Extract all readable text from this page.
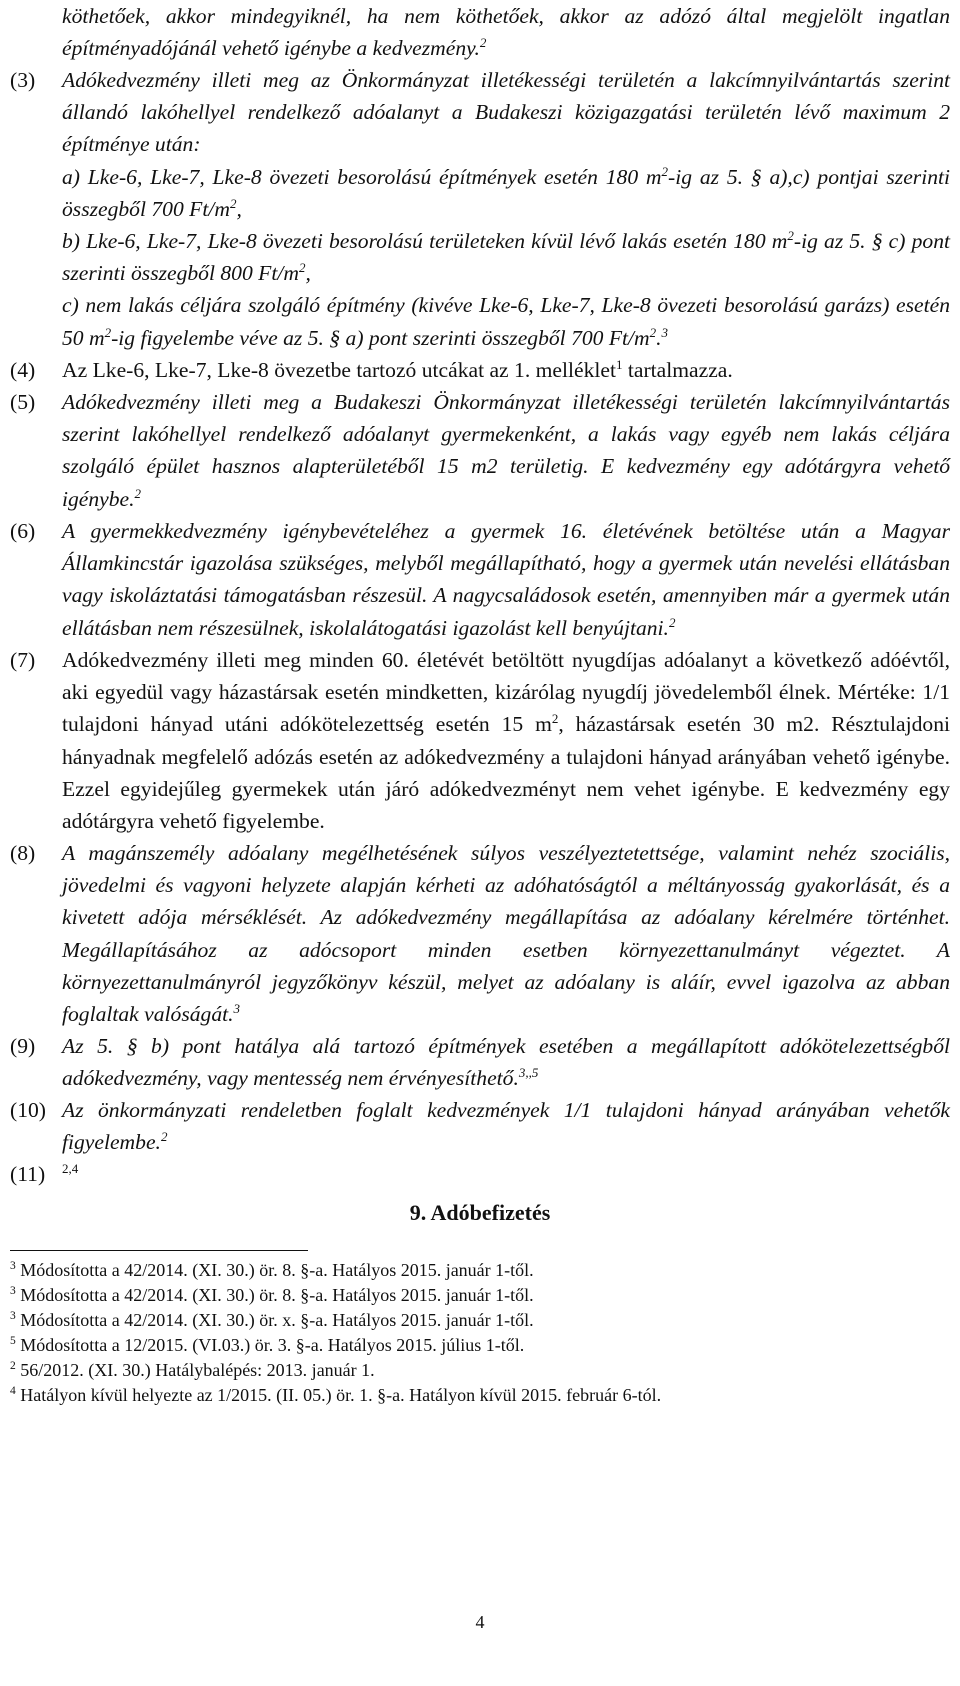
köthetőek, akkor mindegyiknél, ha nem köthetőek, akkor az adózó által megjelölt ingatlan építményadójánál vehető igénybe a kedvezmény.$^2$
(3)	Adókedvezmény illeti meg az Önkormányzat illetékességi területén a lakcímnyilvántartás szerint állandó lakóhellyel rendelkező adóalanyt a Budakeszi közigazgatási területén lévő maximum 2 építménye után:
a) Lke-6, Lke-7, Lke-8 övezeti besorolású építmények esetén 180 $m^2-ig$ az 5. § a),c) pontjai szerinti összegből 700 $Ft/m^2$,
b) Lke-6, Lke-7, Lke-8 övezeti besorolású területeken kívül lévő lakás esetén 180 $m^2-ig$ az 5. § c) pont szerinti összegből 800 $Ft/m^2$,
c) nem lakás céljára szolgáló építmény (kivéve Lke-6, Lke-7, Lke-8 övezeti besorolású garázs) esetén 50 $m^2-ig$ figyelembe véve az 5. § a) pont szerinti összegből 700 $Ft/m^2.^3$
(4)	Az Lke-6, Lke-7, Lke-8 övezetbe tartozó utcákat az 1. melléklet$^1$ tartalmazza.
(5)	Adókedvezmény illeti meg a Budakeszi Önkormányzat illetékességi területén lakcímnyilvántartás szerint lakóhellyel rendelkező adóalanyt gyermekenként, a lakás vagy egyéb nem lakás céljára szolgáló épület hasznos alapterületéből 15 m2 területig. E kedvezmény egy adótárgyra vehető igénybe.$^2$
(6)	A gyermekkedvezmény igénybevételéhez a gyermek 16. életévének betöltése után a Magyar Államkincstár igazolása szükséges, melyből megállapítható, hogy a gyermek után nevelési ellátásban vagy iskoláztatási támogatásban részesül. A nagycsaládosok esetén, amennyiben már a gyermek után ellátásban nem részesülnek, iskolalátogatási igazolást kell benyújtani.$^2$
(7)	Adókedvezmény illeti meg minden 60. életévét betöltött nyugdíjas adóalanyt a következő adóévtől, aki egyedül vagy házastársak esetén mindketten, kizárólag nyugdíj jövedelemből élnek. Mértéke: 1/1 tulajdoni hányad utáni adókötelezettség esetén 15 $m^2$, házastársak esetén 30 m2. Résztulajdoni hányadnak megfelelő adózás esetén az adókedvezmény a tulajdoni hányad arányában vehető igénybe. Ezzel egyidejűleg gyermekek után járó adókedvezményt nem vehet igénybe. E kedvezmény egy adótárgyra vehető figyelembe.
(8)	A magánszemély adóalany megélhetésének súlyos veszélyeztetettsége, valamint nehéz szociális, jövedelmi és vagyoni helyzete alapján kérheti az adóhatóságtól a méltányosság gyakorlását, és a kivetett adója mérséklését. Az adókedvezmény megállapítása az adóalany kérelmére történhet. Megállapításához az adócsoport minden esetben környezettanulmányt végeztet. A környezettanulmányról jegyzőkönyv készül, melyet az adóalany is aláír, evvel igazolva az abban foglaltak valóságát.$^3$
(9)	Az 5. § b) pont hatálya alá tartozó építmények esetében a megállapított adókötelezettségből adókedvezmény, vagy mentesség nem érvényesíthető.$^{3,,5}$
(10) Az önkormányzati rendeletben foglalt kedvezmények 1/1 tulajdoni hányad arányában vehetők figyelembe.$^2$
(11)	$^{2,4}$
9. Adóbefizetés
$^3$ Módosította a 42/2014. (XI. 30.) ör. 8. §-a. Hatályos 2015. január 1-től.
$^3$ Módosította a 42/2014. (XI. 30.) ör. 8. §-a. Hatályos 2015. január 1-től.
$^3$ Módosította a 42/2014. (XI. 30.) ör. x. §-a. Hatályos 2015. január 1-től.
$^5$ Módosította a 12/2015. (VI.03.) ör. 3. §-a. Hatályos 2015. július 1-től.
$^2$ 56/2012. (XI. 30.) Hatálybalépés: 2013. január 1.
$^4$ Hatályon kívül helyezte az 1/2015. (II. 05.) ör. 1. §-a. Hatályon kívül 2015. február 6-tól.
4
